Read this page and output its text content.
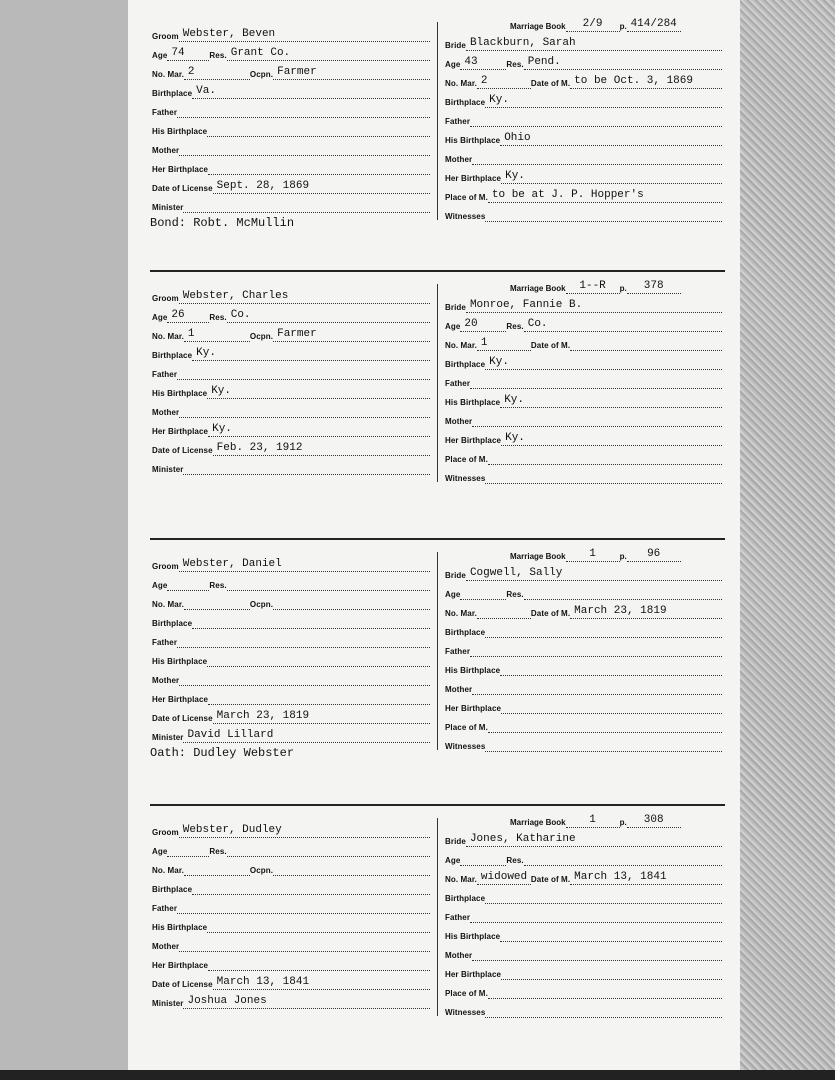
Groom Webster, Beven
Age 74	Res. Grant Co.
No. Mar. 2	Ocpn. Farmer
Birthplace Va.
Father
His Birthplace
Mother
Her Birthplace
Date of License Sept. 28, 1869
Minister
Bond: Robt. McMullin
Marriage Book	2/9	p. 414/284
Bride Blackburn, Sarah
Age 43	Res. Pend.
No. Mar. 2	Date of M. to be Oct. 3, 1869
Birthplace Ky.
Father
His Birthplace Ohio
Mother
Her Birthplace Ky.
Place of M. to be at J. P. Hopper's
Witnesses
Groom Webster, Charles
Age 26	Res. Co.
No. Mar. 1	Ocpn. Farmer
Birthplace Ky.
Father
His Birthplace Ky.
Mother
Her Birthplace Ky.
Date of License Feb. 23, 1912
Minister
Marriage Book	1--R	p.	378
Bride Monroe, Fannie B.
Age 20	Res. Co.
No. Mar. 1	Date of M.
Birthplace Ky.
Father
His Birthplace Ky.
Mother
Her Birthplace Ky.
Place of M.
Witnesses
Groom Webster, Daniel
Age	Res.
No. Mar.	Ocpn.
Birthplace
Father
His Birthplace
Mother
Her Birthplace
Date of License March 23, 1819
Minister David Lillard
Oath: Dudley Webster
Marriage Book	1	p.	96
Bride Cogwell, Sally
Age	Res.
No. Mar.	Date of M. March 23, 1819
Birthplace
Father
His Birthplace
Mother
Her Birthplace
Place of M.
Witnesses
Groom Webster, Dudley
Age	Res.
No. Mar.	Ocpn.
Birthplace
Father
His Birthplace
Mother
Her Birthplace
Date of License March 13, 1841
Minister Joshua Jones
Marriage Book	1	p.	308
Bride Jones, Katharine
Age	Res.
No. Mar. widowed Date of M. March 13, 1841
Birthplace
Father
His Birthplace
Mother
Her Birthplace
Place of M.
Witnesses
